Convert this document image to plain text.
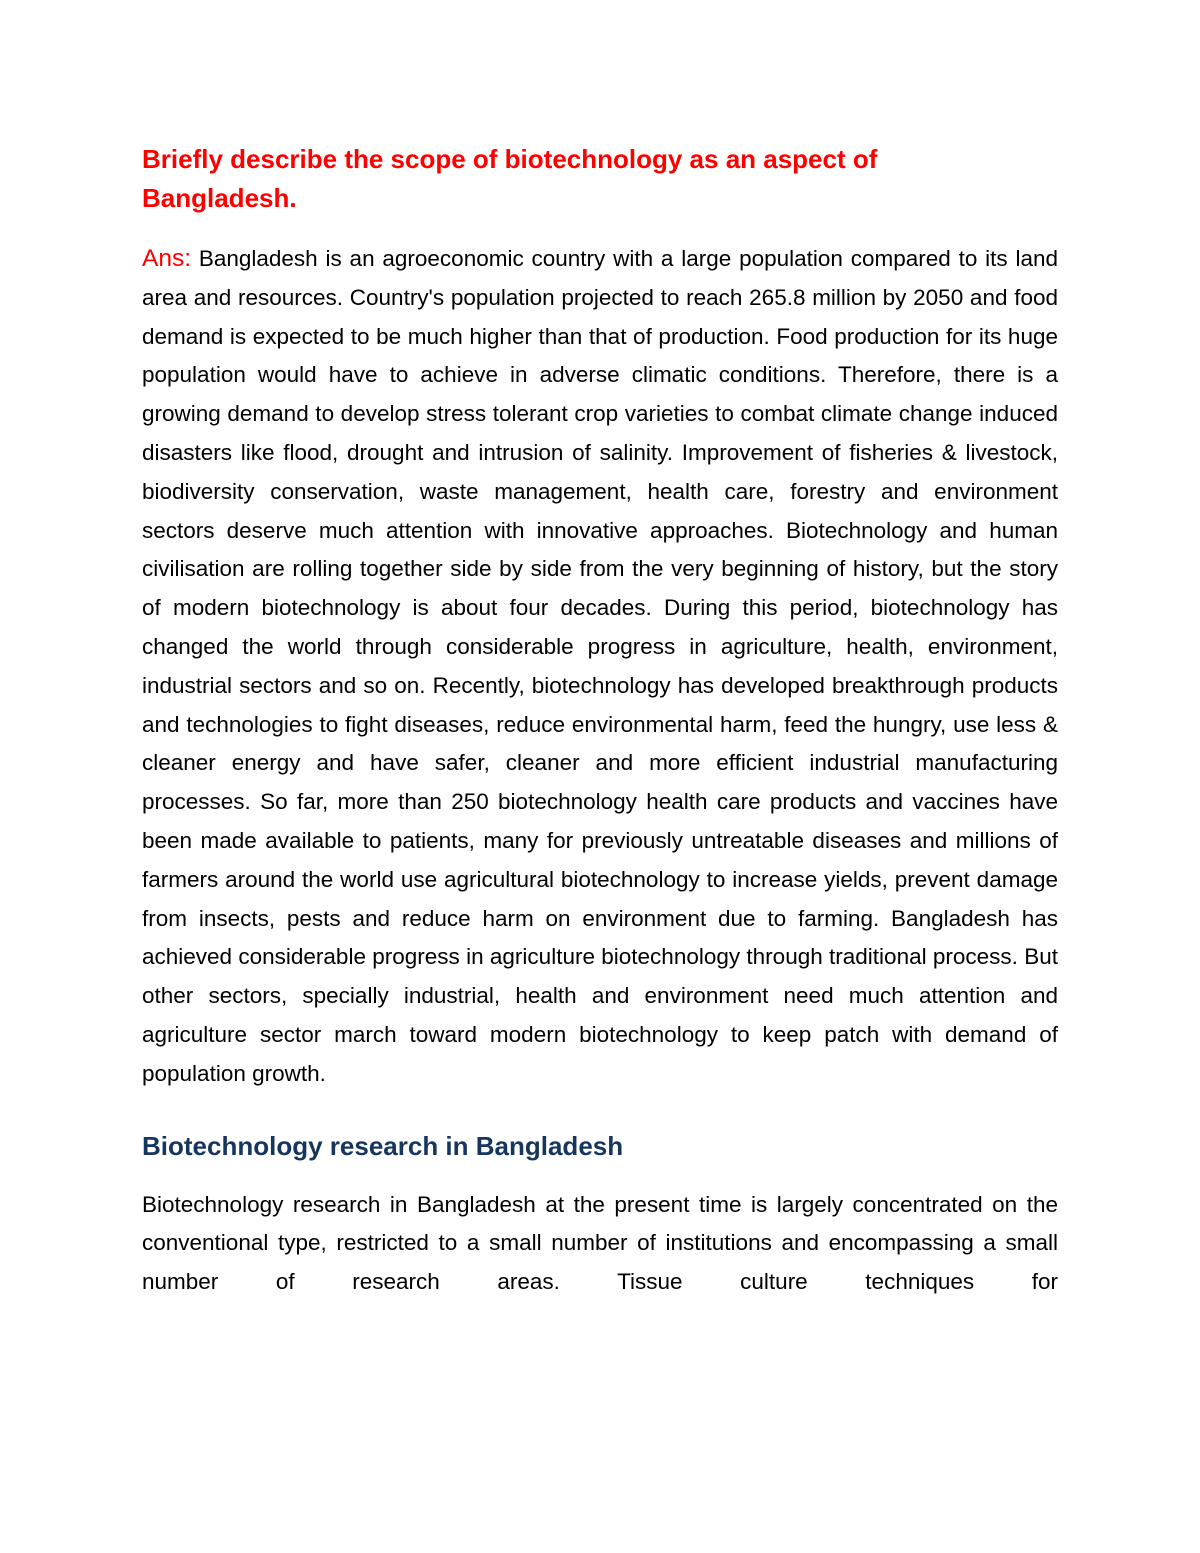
Briefly describe the scope of biotechnology as an aspect of Bangladesh.

Ans: Bangladesh is an agroeconomic country with a large population compared to its land area and resources. Country's population projected to reach 265.8 million by 2050 and food demand is expected to be much higher than that of production. Food production for its huge population would have to achieve in adverse climatic conditions. Therefore, there is a growing demand to develop stress tolerant crop varieties to combat climate change induced disasters like flood, drought and intrusion of salinity. Improvement of fisheries & livestock, biodiversity conservation, waste management, health care, forestry and environment sectors deserve much attention with innovative approaches. Biotechnology and human civilisation are rolling together side by side from the very beginning of history, but the story of modern biotechnology is about four decades. During this period, biotechnology has changed the world through considerable progress in agriculture, health, environment, industrial sectors and so on. Recently, biotechnology has developed breakthrough products and technologies to fight diseases, reduce environmental harm, feed the hungry, use less & cleaner energy and have safer, cleaner and more efficient industrial manufacturing processes. So far, more than 250 biotechnology health care products and vaccines have been made available to patients, many for previously untreatable diseases and millions of farmers around the world use agricultural biotechnology to increase yields, prevent damage from insects, pests and reduce harm on environment due to farming. Bangladesh has achieved considerable progress in agriculture biotechnology through traditional process. But other sectors, specially industrial, health and environment need much attention and agriculture sector march toward modern biotechnology to keep patch with demand of population growth.

Biotechnology research in Bangladesh

Biotechnology research in Bangladesh at the present time is largely concentrated on the conventional type, restricted to a small number of institutions and encompassing a small number of research areas. Tissue culture techniques for
